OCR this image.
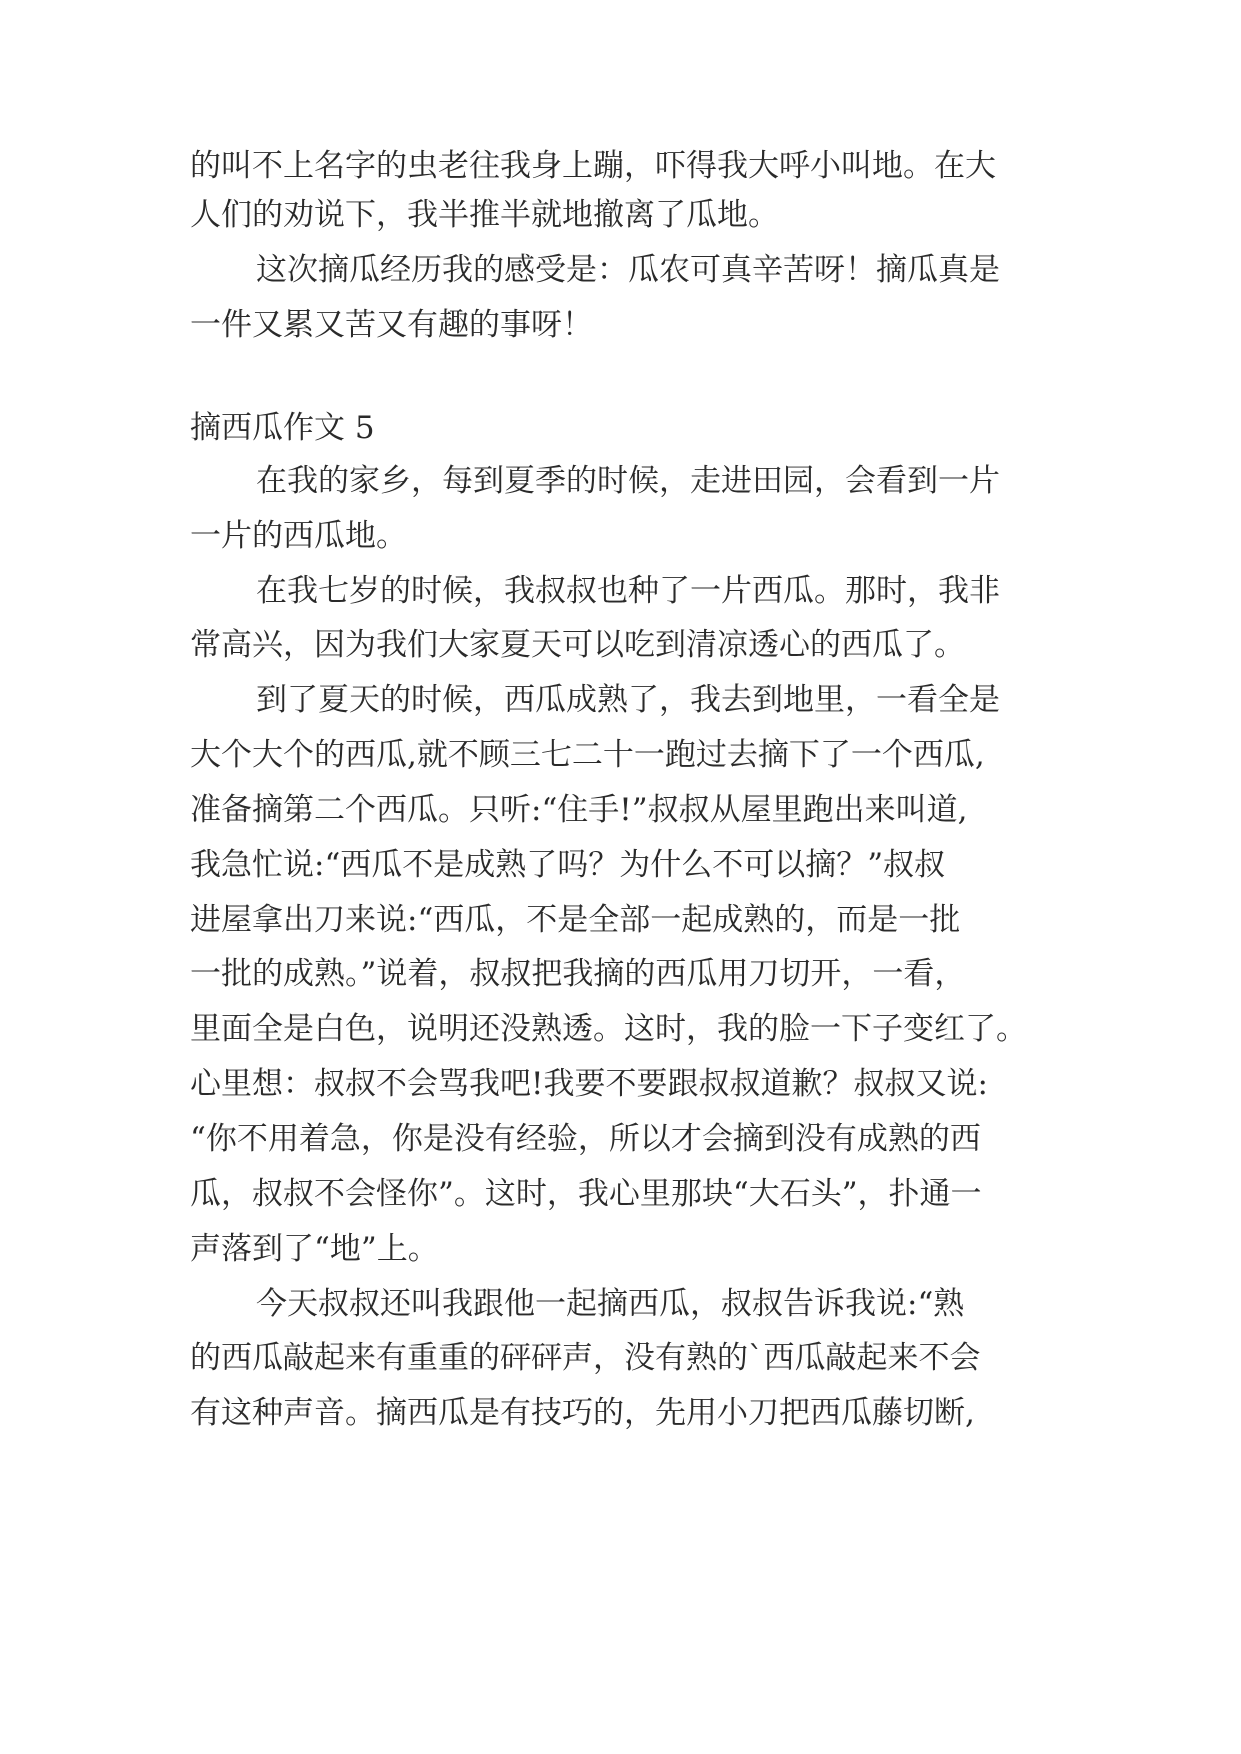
的叫不上名字的虫老往我身上蹦，吓得我大呼小叫地。在大
人们的劝说下，我半推半就地撤离了瓜地。
这次摘瓜经历我的感受是：瓜农可真辛苦呀！摘瓜真是
一件又累又苦又有趣的事呀！
摘西瓜作文 5
在我的家乡，每到夏季的时候，走进田园，会看到一片
一片的西瓜地。
在我七岁的时候，我叔叔也种了一片西瓜。那时，我非
常高兴，因为我们大家夏天可以吃到清凉透心的西瓜了。
到了夏天的时候，西瓜成熟了，我去到地里，一看全是
大个大个的西瓜,就不顾三七二十一跑过去摘下了一个西瓜,
准备摘第二个西瓜。只听:“住手!”叔叔从屋里跑出来叫道,
我急忙说:“西瓜不是成熟了吗？为什么不可以摘？”叔叔
进屋拿出刀来说:“西瓜，不是全部一起成熟的，而是一批
一批的成熟。”说着，叔叔把我摘的西瓜用刀切开，一看，
里面全是白色，说明还没熟透。这时，我的脸一下子变红了。
心里想：叔叔不会骂我吧!我要不要跟叔叔道歉？叔叔又说:
“你不用着急，你是没有经验，所以才会摘到没有成熟的西
瓜，叔叔不会怪你”。这时，我心里那块“大石头”，扑通一
声落到了“地”上。
今天叔叔还叫我跟他一起摘西瓜，叔叔告诉我说:“熟
的西瓜敲起来有重重的砰砰声，没有熟的`西瓜敲起来不会
有这种声音。摘西瓜是有技巧的，先用小刀把西瓜藤切断,
